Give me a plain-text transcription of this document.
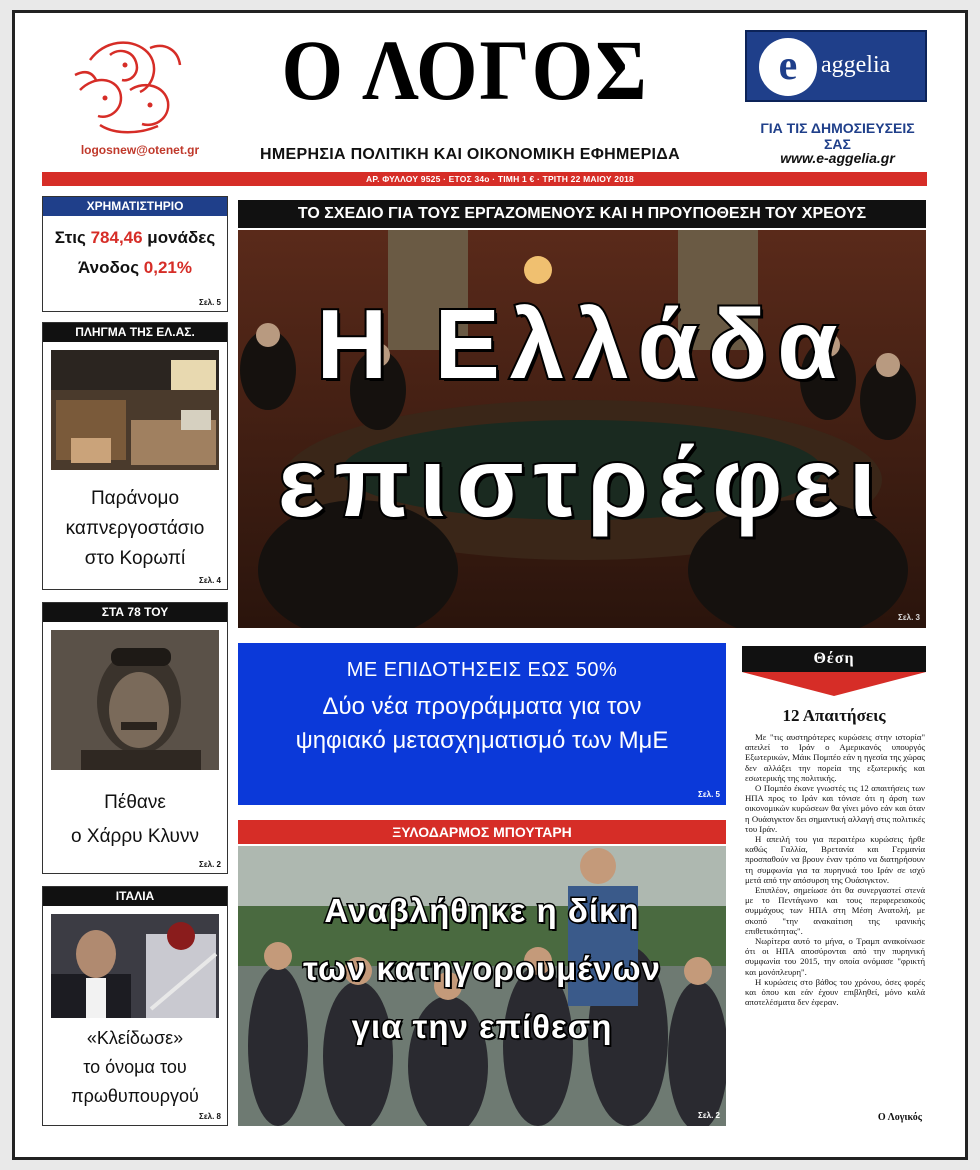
logosnew@otenet.gr
Ο ΛΟΓΟΣ
ΗΜΕΡΗΣΙΑ ΠΟΛΙΤΙΚΗ ΚΑΙ ΟΙΚΟΝΟΜΙΚΗ ΕΦΗΜΕΡΙΔΑ
e aggelia
ΓΙΑ ΤΙΣ ΔΗΜΟΣΙΕΥΣΕΙΣ ΣΑΣ
www.e-aggelia.gr
ΑΡ. ΦΥΛΛΟΥ 9525 · ΕΤΟΣ 34ο · ΤΙΜΗ 1 € · ΤΡΙΤΗ 22 ΜΑΙΟΥ 2018
ΧΡΗΜΑΤΙΣΤΗΡΙΟ
Στις 784,46 μονάδες
Άνοδος 0,21%
Σελ. 5
ΠΛΗΓΜΑ ΤΗΣ ΕΛ.ΑΣ.
Παράνομο
καπνεργοστάσιο
στο Κορωπί
Σελ. 4
ΣΤΑ 78 ΤΟΥ
Πέθανε
ο Χάρρυ Κλυνν
Σελ. 2
ΙΤΑΛΙΑ
«Κλείδωσε»
το όνομα του
πρωθυπουργού
Σελ. 8
ΤΟ ΣΧΕΔΙΟ ΓΙΑ ΤΟΥΣ ΕΡΓΑΖΟΜΕΝΟΥΣ ΚΑΙ Η ΠΡΟΥΠΟΘΕΣΗ ΤΟΥ ΧΡΕΟΥΣ
Η Ελλάδα
επιστρέφει
Σελ. 3
ΜΕ ΕΠΙΔΟΤΗΣΕΙΣ ΕΩΣ 50%
Δύο νέα προγράμματα για τον
ψηφιακό μετασχηματισμό των ΜμΕ
Σελ. 5
ΞΥΛΟΔΑΡΜΟΣ ΜΠΟΥΤΑΡΗ
Αναβλήθηκε η δίκη
των κατηγορουμένων
για την επίθεση
Σελ. 2
Θέση
12 Απαιτήσεις

Με "τις αυστηρότερες κυρώσεις στην ιστορία" απειλεί το Ιράν ο Αμερικανός υπουργός Εξωτερικών, Μάικ Πομπέο εάν η ηγεσία της χώρας δεν αλλάξει την πορεία της εξωτερικής και εσωτερικής της πολιτικής.

Ο Πομπέο έκανε γνωστές τις 12 απαιτήσεις των ΗΠΑ προς το Ιράν και τόνισε ότι η άρση των οικονομικών κυρώσεων θα γίνει μόνο εάν και όταν η Ουάσιγκτον δει σημαντική αλλαγή στις πολιτικές του Ιράν.

Η απειλή του για περαιτέρω κυρώσεις ήρθε καθώς Γαλλία, Βρετανία και Γερμανία προσπαθούν να βρουν έναν τρόπο να διατηρήσουν τη συμφωνία για τα πυρηνικά του Ιράν σε ισχύ μετά από την απόσυρση της Ουάσιγκτον.

Επιπλέον, σημείωσε ότι θα συνεργαστεί στενά με το Πεντάγωνο και τους περιφερειακούς συμμάχους των ΗΠΑ στη Μέση Ανατολή, με σκοπό "την ανακαίτιση της ιρανικής επιθετικότητας".

Νωρίτερα αυτό το μήνα, ο Τραμπ ανακοίνωσε ότι οι ΗΠΑ αποσύρονται από την πυρηνική συμφωνία του 2015, την οποία ονόμασε "φρικτή και μονόπλευρη".

Η κυρώσεις στο βάθος του χρόνου, όσες φορές και όπου και εάν έχουν επιβληθεί, μόνο καλά αποτελέσματα δεν έφεραν.

Ο Λογικός
